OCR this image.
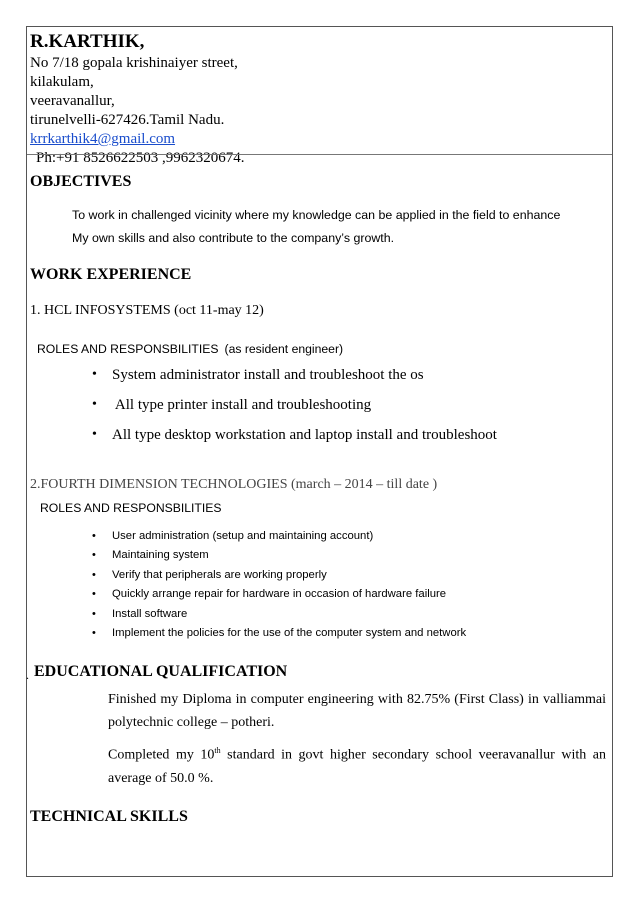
R.KARTHIK,
No 7/18 gopala krishinaiyer street,
kilakulam,
veeravanallur,
tirunelvelli-627426.Tamil Nadu.
krrkarthik4@gmail.com
Ph:+91 8526622503 ,9962320674.
OBJECTIVES
To work in challenged vicinity where my knowledge can be applied in the field to enhance
My own skills and also contribute to the company’s growth.
WORK EXPERIENCE
1. HCL INFOSYSTEMS (oct 11-may 12)
ROLES AND RESPONSBILITIES (as resident engineer)
• System administrator install and troubleshoot the os
• All type printer install and troubleshooting
• All type desktop workstation and laptop install and troubleshoot
2.FOURTH DIMENSION TECHNOLOGIES (march – 2014 – till date )
ROLES AND RESPONSBILITIES
• User administration (setup and maintaining account)
• Maintaining system
• Verify that peripherals are working properly
• Quickly arrange repair for hardware in occasion of hardware failure
• Install software
• Implement the policies for the use of the computer system and network
. EDUCATIONAL QUALIFICATION
Finished my Diploma in computer engineering with 82.75% (First Class) in valliammai polytechnic college – potheri.
Completed my 10th standard in govt higher secondary school veeravanallur with an average of 50.0 %.
TECHNICAL SKILLS
